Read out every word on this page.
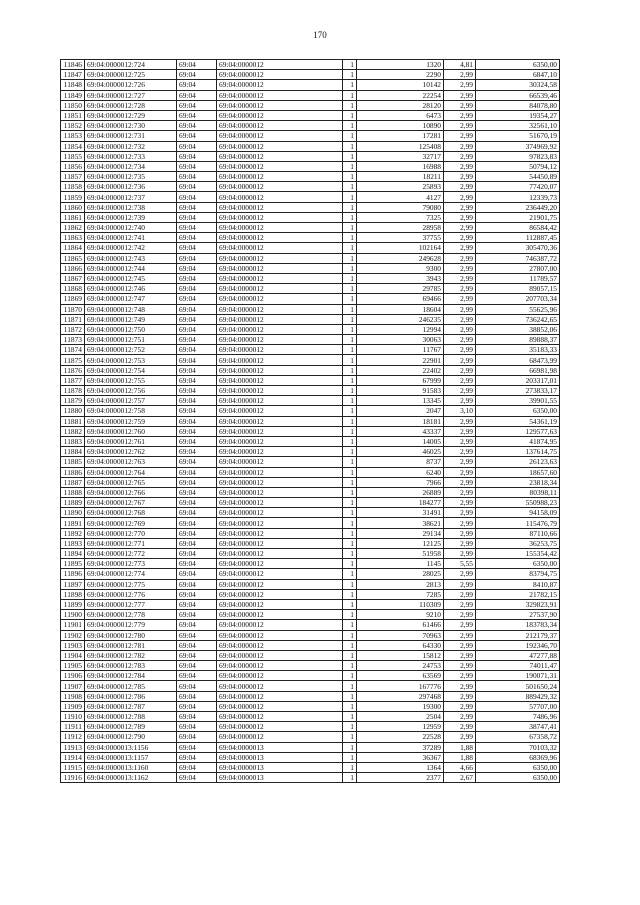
170
11846	69:04:0000012:724	69:04	69:04:0000012	1	1320	4,81	6350,00
11847	69:04:0000012:725	69:04	69:04:0000012	1	2290	2,99	6847,10
11848	69:04:0000012:726	69:04	69:04:0000012	1	10142	2,99	30324,58
11849	69:04:0000012:727	69:04	69:04:0000012	1	22254	2,99	66539,46
11850	69:04:0000012:728	69:04	69:04:0000012	1	28120	2,99	84078,80
11851	69:04:0000012:729	69:04	69:04:0000012	1	6473	2,99	19354,27
11852	69:04:0000012:730	69:04	69:04:0000012	1	10890	2,99	32561,10
11853	69:04:0000012:731	69:04	69:04:0000012	1	17281	2,99	51670,19
11854	69:04:0000012:732	69:04	69:04:0000012	1	125408	2,99	374969,92
11855	69:04:0000012:733	69:04	69:04:0000012	1	32717	2,99	97823,83
11856	69:04:0000012:734	69:04	69:04:0000012	1	16988	2,99	50794,12
11857	69:04:0000012:735	69:04	69:04:0000012	1	18211	2,99	54450,89
11858	69:04:0000012:736	69:04	69:04:0000012	1	25893	2,99	77420,07
11859	69:04:0000012:737	69:04	69:04:0000012	1	4127	2,99	12339,73
11860	69:04:0000012:738	69:04	69:04:0000012	1	79080	2,99	236449,20
11861	69:04:0000012:739	69:04	69:04:0000012	1	7325	2,99	21901,75
11862	69:04:0000012:740	69:04	69:04:0000012	1	28958	2,99	86584,42
11863	69:04:0000012:741	69:04	69:04:0000012	1	37755	2,99	112887,45
11864	69:04:0000012:742	69:04	69:04:0000012	1	102164	2,99	305470,36
11865	69:04:0000012:743	69:04	69:04:0000012	1	249628	2,99	746387,72
11866	69:04:0000012:744	69:04	69:04:0000012	1	9300	2,99	27807,00
11867	69:04:0000012:745	69:04	69:04:0000012	1	3943	2,99	11789,57
11868	69:04:0000012:746	69:04	69:04:0000012	1	29785	2,99	89057,15
11869	69:04:0000012:747	69:04	69:04:0000012	1	69466	2,99	207703,34
11870	69:04:0000012:748	69:04	69:04:0000012	1	18604	2,99	55625,96
11871	69:04:0000012:749	69:04	69:04:0000012	1	246235	2,99	736242,65
11872	69:04:0000012:750	69:04	69:04:0000012	1	12994	2,99	38852,06
11873	69:04:0000012:751	69:04	69:04:0000012	1	30063	2,99	89888,37
11874	69:04:0000012:752	69:04	69:04:0000012	1	11767	2,99	35183,33
11875	69:04:0000012:753	69:04	69:04:0000012	1	22901	2,99	68473,99
11876	69:04:0000012:754	69:04	69:04:0000012	1	22402	2,99	66981,98
11877	69:04:0000012:755	69:04	69:04:0000012	1	67999	2,99	203317,01
11878	69:04:0000012:756	69:04	69:04:0000012	1	91583	2,99	273833,17
11879	69:04:0000012:757	69:04	69:04:0000012	1	13345	2,99	39901,55
11880	69:04:0000012:758	69:04	69:04:0000012	1	2047	3,10	6350,00
11881	69:04:0000012:759	69:04	69:04:0000012	1	18181	2,99	54361,19
11882	69:04:0000012:760	69:04	69:04:0000012	1	43337	2,99	129577,63
11883	69:04:0000012:761	69:04	69:04:0000012	1	14005	2,99	41874,95
11884	69:04:0000012:762	69:04	69:04:0000012	1	46025	2,99	137614,75
11885	69:04:0000012:763	69:04	69:04:0000012	1	8737	2,99	26123,63
11886	69:04:0000012:764	69:04	69:04:0000012	1	6240	2,99	18657,60
11887	69:04:0000012:765	69:04	69:04:0000012	1	7966	2,99	23818,34
11888	69:04:0000012:766	69:04	69:04:0000012	1	26889	2,99	80398,11
11889	69:04:0000012:767	69:04	69:04:0000012	1	184277	2,99	550988,23
11890	69:04:0000012:768	69:04	69:04:0000012	1	31491	2,99	94158,09
11891	69:04:0000012:769	69:04	69:04:0000012	1	38621	2,99	115476,79
11892	69:04:0000012:770	69:04	69:04:0000012	1	29134	2,99	87110,66
11893	69:04:0000012:771	69:04	69:04:0000012	1	12125	2,99	36253,75
11894	69:04:0000012:772	69:04	69:04:0000012	1	51958	2,99	155354,42
11895	69:04:0000012:773	69:04	69:04:0000012	1	1145	5,55	6350,00
11896	69:04:0000012:774	69:04	69:04:0000012	1	28025	2,99	83794,75
11897	69:04:0000012:775	69:04	69:04:0000012	1	2813	2,99	8410,87
11898	69:04:0000012:776	69:04	69:04:0000012	1	7285	2,99	21782,15
11899	69:04:0000012:777	69:04	69:04:0000012	1	110309	2,99	329823,91
11900	69:04:0000012:778	69:04	69:04:0000012	1	9210	2,99	27537,90
11901	69:04:0000012:779	69:04	69:04:0000012	1	61466	2,99	183783,34
11902	69:04:0000012:780	69:04	69:04:0000012	1	70963	2,99	212179,37
11903	69:04:0000012:781	69:04	69:04:0000012	1	64330	2,99	192346,70
11904	69:04:0000012:782	69:04	69:04:0000012	1	15812	2,99	47277,88
11905	69:04:0000012:783	69:04	69:04:0000012	1	24753	2,99	74011,47
11906	69:04:0000012:784	69:04	69:04:0000012	1	63569	2,99	190071,31
11907	69:04:0000012:785	69:04	69:04:0000012	1	167776	2,99	501650,24
11908	69:04:0000012:786	69:04	69:04:0000012	1	297468	2,99	889429,32
11909	69:04:0000012:787	69:04	69:04:0000012	1	19300	2,99	57707,00
11910	69:04:0000012:788	69:04	69:04:0000012	1	2504	2,99	7486,96
11911	69:04:0000012:789	69:04	69:04:0000012	1	12959	2,99	38747,41
11912	69:04:0000012:790	69:04	69:04:0000012	1	22528	2,99	67358,72
11913	69:04:0000013:1156	69:04	69:04:0000013	1	37289	1,88	70103,32
11914	69:04:0000013:1157	69:04	69:04:0000013	1	36367	1,88	68369,96
11915	69:04:0000013:1160	69:04	69:04:0000013	1	1364	4,66	6350,00
11916	69:04:0000013:1162	69:04	69:04:0000013	1	2377	2,67	6350,00
